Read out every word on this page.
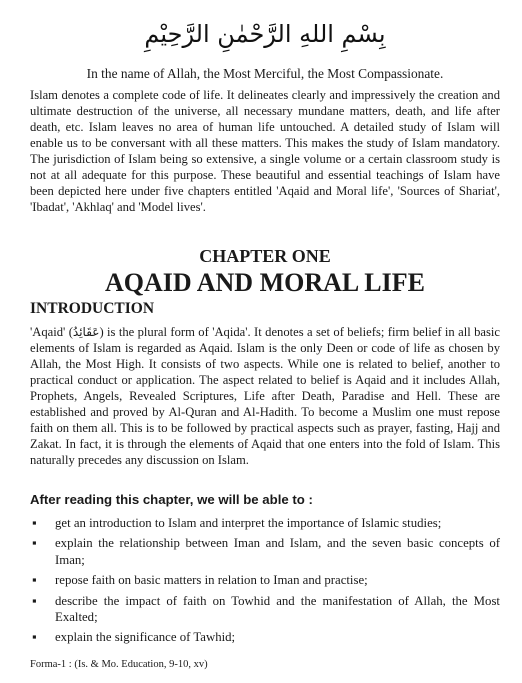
بِسْمِ اللهِ الرَّحْمٰنِ الرَّحِيْمِ
In the name of Allah, the Most Merciful, the Most Compassionate.

Islam denotes a complete code of life. It delineates clearly and impressively the creation and ultimate destruction of the universe, all necessary mundane matters, death, and life after death, etc. Islam leaves no area of human life untouched. A detailed study of Islam will enable us to be conversant with all these matters. This makes the study of Islam mandatory. The jurisdiction of Islam being so extensive, a single volume or a certain classroom study is not at all adequate for this purpose. These beautiful and essential teachings of Islam have been depicted here under five chapters entitled 'Aqaid and Moral life', 'Sources of Shariat', 'Ibadat', 'Akhlaq' and 'Model lives'.

CHAPTER ONE
AQAID AND MORAL LIFE
INTRODUCTION

'Aqaid' (عَقَائِدُ) is the plural form of 'Aqida'. It denotes a set of beliefs; firm belief in all basic elements of Islam is regarded as Aqaid. Islam is the only Deen or code of life as chosen by Allah, the Most High. It consists of two aspects. While one is related to belief, another to practical conduct or application. The aspect related to belief is Aqaid and it includes Allah, Prophets, Angels, Revealed Scriptures, Life after Death, Paradise and Hell. These are established and proved by Al-Quran and Al-Hadith. To become a Muslim one must repose faith on them all. This is to be followed by practical aspects such as prayer, fasting, Hajj and Zakat. In fact, it is through the elements of Aqaid that one enters into the fold of Islam. This naturally precedes any discussion on Islam.

After reading this chapter, we will be able to :
▪ get an introduction to Islam and interpret the importance of Islamic studies;
▪ explain the relationship between Iman and Islam, and the seven basic concepts of Iman;
▪ repose faith on basic matters in relation to Iman and practise;
▪ describe the impact of faith on Towhid and the manifestation of Allah, the Most Exalted;
▪ explain the significance of Tawhid;
Forma-1 : (Is. & Mo. Education, 9-10, xv)
